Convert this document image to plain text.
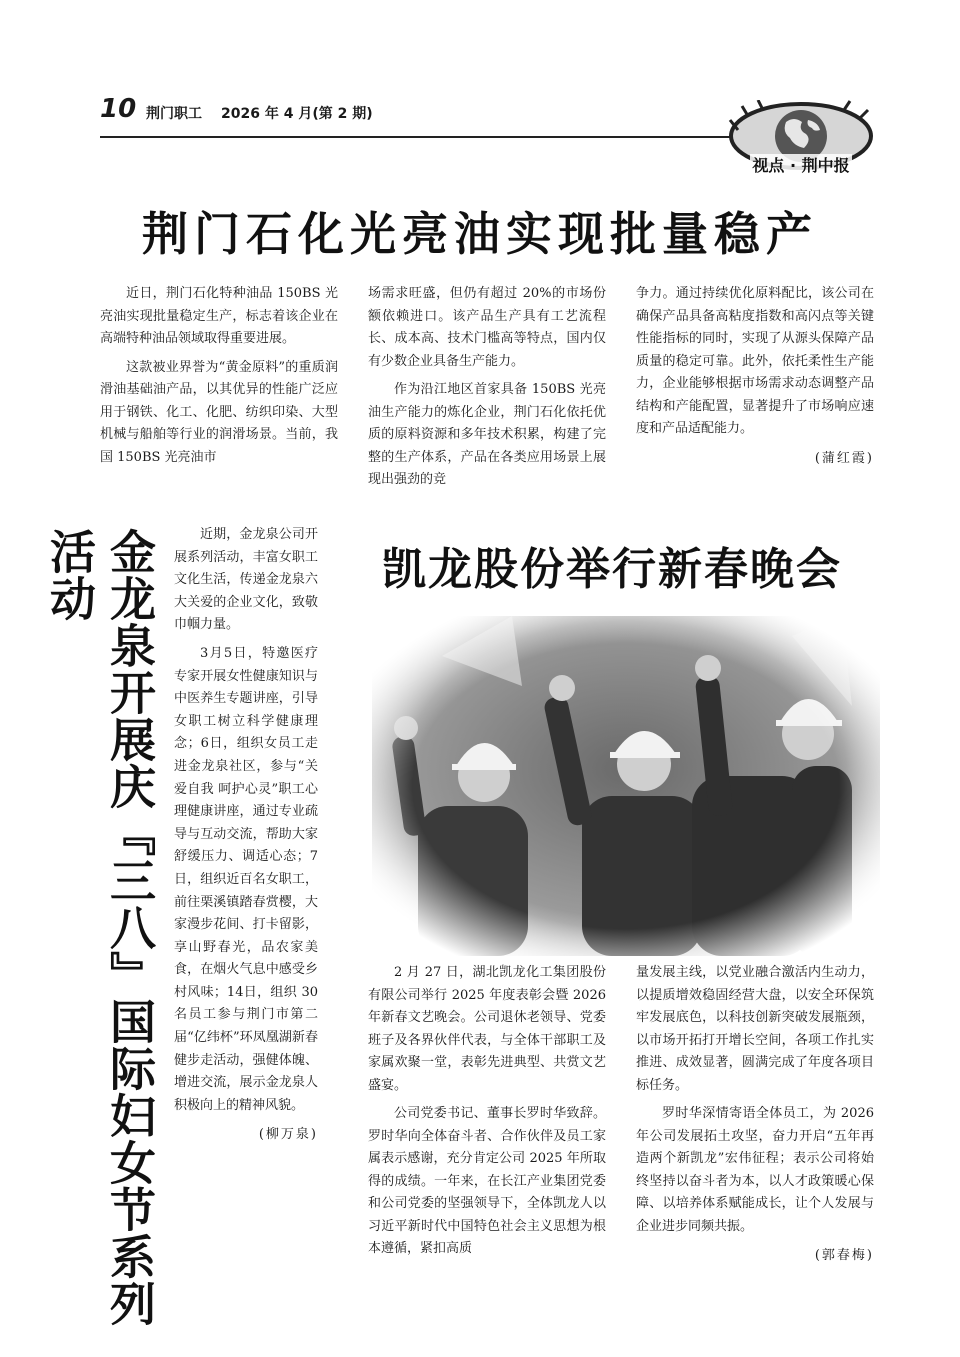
10 荆门职工 2026 年 4 月(第 2 期)
视点 · 荆中报
荆门石化光亮油实现批量稳产

近日，荆门石化特种油品 150BS 光亮油实现批量稳定生产，标志着该企业在高端特种油品领域取得重要进展。

这款被业界誉为“黄金原料”的重质润滑油基础油产品，以其优异的性能广泛应用于钢铁、化工、化肥、纺织印染、大型机械与船舶等行业的润滑场景。当前，我国 150BS 光亮油市

场需求旺盛，但仍有超过 20%的市场份额依赖进口。该产品生产具有工艺流程长、成本高、技术门槛高等特点，国内仅有少数企业具备生产能力。

作为沿江地区首家具备 150BS 光亮油生产能力的炼化企业，荆门石化依托优质的原料资源和多年技术积累，构建了完整的生产体系，产品在各类应用场景上展现出强劲的竞

争力。通过持续优化原料配比，该公司在确保产品具备高粘度指数和高闪点等关键性能指标的同时，实现了从源头保障产品质量的稳定可靠。此外，依托柔性生产能力，企业能够根据市场需求动态调整产品结构和产能配置，显著提升了市场响应速度和产品适配能力。

(蒲红霞)
金龙泉开展庆『三八』国际妇女节系列活动	近期，金龙泉公司开展系列活动，丰富女职工文化生活，传递金龙泉六大关爱的企业文化，致敬巾帼力量。

3月5日，特邀医疗专家开展女性健康知识与中医养生专题讲座，引导女职工树立科学健康理念；6日，组织女员工走进金龙泉社区，参与“关爱自我 呵护心灵”职工心理健康讲座，通过专业疏导与互动交流，帮助大家舒缓压力、调适心态；7日，组织近百名女职工，前往栗溪镇踏春赏樱，大家漫步花间、打卡留影，享山野春光，品农家美食，在烟火气息中感受乡村风味；14日，组织 30 名员工参与荆门市第二届“亿纬杯”环凤凰湖新春健步走活动，强健体魄、增进交流，展示金龙泉人积极向上的精神风貌。

(柳万泉)
凯龙股份举行新春晚会

2 月 27 日，湖北凯龙化工集团股份有限公司举行 2025 年度表彰会暨 2026 年新春文艺晚会。公司退休老领导、党委班子及各界伙伴代表，与全体干部职工及家属欢聚一堂，表彰先进典型、共赏文艺盛宴。

公司党委书记、董事长罗时华致辞。罗时华向全体奋斗者、合作伙伴及员工家属表示感谢，充分肯定公司 2025 年所取得的成绩。一年来，在长江产业集团党委和公司党委的坚强领导下，全体凯龙人以习近平新时代中国特色社会主义思想为根本遵循，紧扣高质

量发展主线，以党业融合激活内生动力，以提质增效稳固经营大盘，以安全环保筑牢发展底色，以科技创新突破发展瓶颈，以市场开拓打开增长空间，各项工作扎实推进、成效显著，圆满完成了年度各项目标任务。

罗时华深情寄语全体员工，为 2026 年公司发展拓土攻坚，奋力开启“五年再造两个新凯龙”宏伟征程；表示公司将始终坚持以奋斗者为本，以人才政策暖心保障、以培养体系赋能成长，让个人发展与企业进步同频共振。

(郭春梅)
